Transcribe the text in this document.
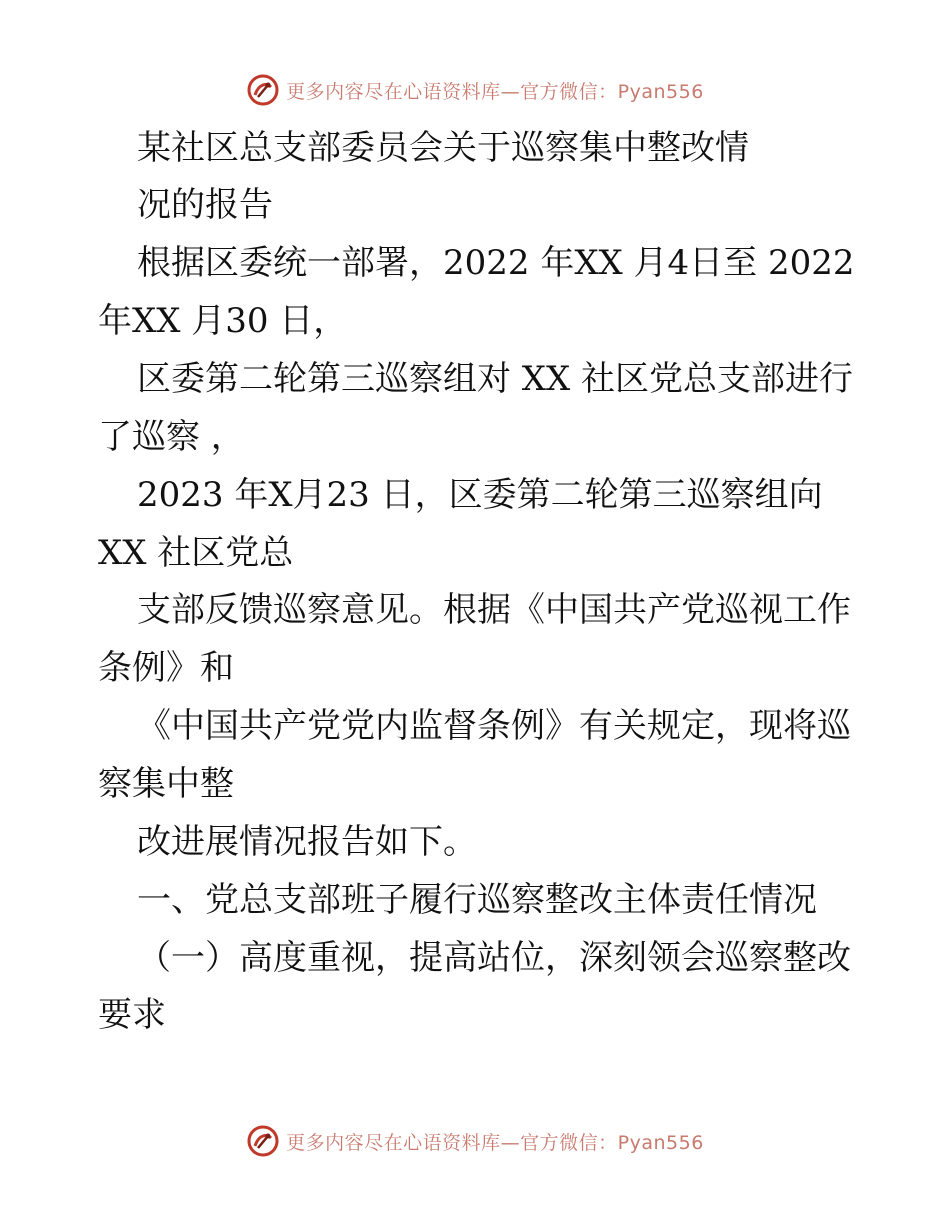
更多内容尽在心语资料库—官方微信：Pyan556
某社区总支部委员会关于巡察集中整改情
况的报告
根据区委统一部署，2022 年XX 月4日至 2022
年XX 月30 日，
区委第二轮第三巡察组对 XX 社区党总支部进行
了巡察 ，
2023 年X月23 日，区委第二轮第三巡察组向
XX 社区党总
支部反馈巡察意见。根据《中国共产党巡视工作
条例》和
《中国共产党党内监督条例》有关规定，现将巡
察集中整
改进展情况报告如下。
一、党总支部班子履行巡察整改主体责任情况
（一）高度重视，提高站位，深刻领会巡察整改
要求
更多内容尽在心语资料库—官方微信：Pyan556
